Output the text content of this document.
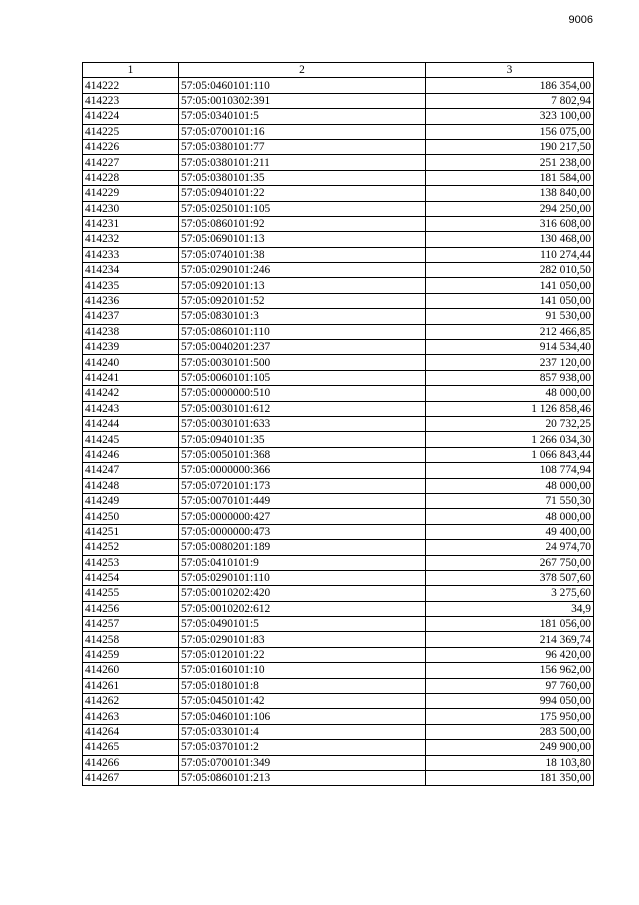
9006
1	2	3
414222	57:05:0460101:110	186 354,00
414223	57:05:0010302:391	7 802,94
414224	57:05:0340101:5	323 100,00
414225	57:05:0700101:16	156 075,00
414226	57:05:0380101:77	190 217,50
414227	57:05:0380101:211	251 238,00
414228	57:05:0380101:35	181 584,00
414229	57:05:0940101:22	138 840,00
414230	57:05:0250101:105	294 250,00
414231	57:05:0860101:92	316 608,00
414232	57:05:0690101:13	130 468,00
414233	57:05:0740101:38	110 274,44
414234	57:05:0290101:246	282 010,50
414235	57:05:0920101:13	141 050,00
414236	57:05:0920101:52	141 050,00
414237	57:05:0830101:3	91 530,00
414238	57:05:0860101:110	212 466,85
414239	57:05:0040201:237	914 534,40
414240	57:05:0030101:500	237 120,00
414241	57:05:0060101:105	857 938,00
414242	57:05:0000000:510	48 000,00
414243	57:05:0030101:612	1 126 858,46
414244	57:05:0030101:633	20 732,25
414245	57:05:0940101:35	1 266 034,30
414246	57:05:0050101:368	1 066 843,44
414247	57:05:0000000:366	108 774,94
414248	57:05:0720101:173	48 000,00
414249	57:05:0070101:449	71 550,30
414250	57:05:0000000:427	48 000,00
414251	57:05:0000000:473	49 400,00
414252	57:05:0080201:189	24 974,70
414253	57:05:0410101:9	267 750,00
414254	57:05:0290101:110	378 507,60
414255	57:05:0010202:420	3 275,60
414256	57:05:0010202:612	34,9
414257	57:05:0490101:5	181 056,00
414258	57:05:0290101:83	214 369,74
414259	57:05:0120101:22	96 420,00
414260	57:05:0160101:10	156 962,00
414261	57:05:0180101:8	97 760,00
414262	57:05:0450101:42	994 050,00
414263	57:05:0460101:106	175 950,00
414264	57:05:0330101:4	283 500,00
414265	57:05:0370101:2	249 900,00
414266	57:05:0700101:349	18 103,80
414267	57:05:0860101:213	181 350,00
